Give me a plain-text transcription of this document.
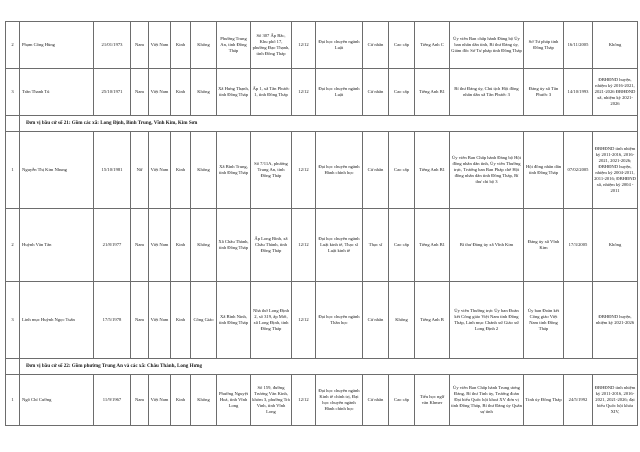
2	Phạm Công Hùng	21/01/1973	Nam	Việt Nam	Kinh	Không	Phường Trung An, tỉnh Đồng Tháp	Số 307 Ấp Bắc, Khu phố 17, phường Đạo Thạnh, tỉnh Đồng Tháp	12/12	Đại học chuyên ngành Luật	Cử nhân	Cao cấp	Tiếng Anh C	Ủy viên Ban chấp hành Đảng bộ Ủy ban nhân dân tỉnh, Bí thư Đảng ủy, Giám đốc Sở Tư pháp tỉnh Đồng Tháp	Sở Tư pháp tỉnh Đồng Tháp	16/11/2005	Không
3	Trần Thanh Tú	25/10/1971	Nam	Việt Nam	Kinh	Không	Xã Hưng Thạnh, tỉnh Đồng Tháp	Ấp 1, xã Tân Phước 1, tỉnh Đồng Tháp	12/12	Đại học chuyên ngành Luật	Cử nhân	Cao cấp	Tiếng Anh B1	Bí thư Đảng ủy, Chủ tịch Hội đồng nhân dân xã Tân Phước 3	Đảng ủy xã Tân Phước 3	14/10/1993	ĐBHĐND huyện, nhiệm kỳ 2016-2021, 2021-2026 ĐBHĐND xã, nhiệm kỳ 2021-2026
	Đơn vị bầu cử số 21: Gồm các xã: Long Định, Bình Trung, Vĩnh Kim, Kim Sơn																
1	Nguyễn Thị Kim Nhung	15/10/1981	Nữ	Việt Nam	Kinh	Không	Xã Bình Trung, tỉnh Đồng Tháp	Số 7/11A, phường Trung An, tỉnh Đồng Tháp	12/12	Đại học chuyên ngành Hành chính học	Cử nhân	Cao cấp	Tiếng Anh B1	Ủy viên Ban Chấp hành Đảng bộ Hội đồng nhân dân tỉnh, Ủy viên Thường trực, Trưởng ban Ban Pháp chế Hội đồng nhân dân tỉnh Đồng Tháp, Bí thư chi bộ 3	Hội đồng nhân dân tỉnh Đồng Tháp	07/02/2005	ĐBHĐND tỉnh nhiệm kỳ 2011-2016, 2016-2021, 2021-2026; ĐBHĐND huyện, nhiệm kỳ 2004-2011, 2011-2016; ĐBHĐND xã, nhiệm kỳ 2004 - 2011
2	Huỳnh Văn Tân	21/8/1977	Nam	Việt Nam	Kinh	Không	Xã Châu Thành, tỉnh Đồng Tháp	Ấp Long Bình, xã Châu Thành, tỉnh Đồng Tháp	12/12	Đại học chuyên ngành Luật kinh tế, Thạc sĩ Luật kinh tế	Thạc sĩ	Cao cấp	Tiếng Anh B1	Bí thư Đảng ủy xã Vĩnh Kim	Đảng ủy xã Vĩnh Kim	17/3/2005	Không
3	Linh mục Huỳnh Ngọc Tuấn	17/5/1978	Nam	Việt Nam	Kinh	Công Giáo	Xã Bình Ninh, tỉnh Đồng Tháp	Nhà thờ Long Định 2, số 319, ấp Mới, xã Long Định, tỉnh Đồng Tháp	12/12	Đại học chuyên ngành Thần học	Cử nhân	Không	Tiếng Anh B	Ủy viên Thường trực Ủy ban Đoàn kết Công giáo Việt Nam tỉnh Đồng Tháp, Linh mục Chánh xứ Giáo xứ Long Định 2	Ủy ban Đoàn kết Công giáo Việt Nam tỉnh Đồng Tháp		ĐBHĐND huyện, nhiệm kỳ 2021-2026
	Đơn vị bầu cử số 22: Gồm phường Trung An và các xã: Châu Thành, Long Hưng																
1	Ngô Chí Cường	11/9/1967	Nam	Việt Nam	Kinh	Không	Phường Nguyệt Hoá, tỉnh Vĩnh Long	Số 159, đường Trương Văn Kỉnh, khóm 3, phường Trà Vinh, tỉnh Vĩnh Long	12/12	Đại học chuyên ngành Kinh tế chính trị, Đại học chuyên ngành Hành chính học	Cử nhân	Cao cấp	Tiểu học ngữ văn Khmer	Ủy viên Ban Chấp hành Trung ương Đảng, Bí thư Tỉnh ủy, Trưởng đoàn Đại biểu Quốc hội khoá XV đơn vị tỉnh Đồng Tháp, Bí thư Đảng ủy Quân sự tỉnh	Tỉnh ủy Đồng Tháp	24/5/1992	ĐBHĐND tỉnh nhiệm kỳ 2011-2016, 2016-2021, 2021-2026; đại biểu Quốc hội khóa XIV,
